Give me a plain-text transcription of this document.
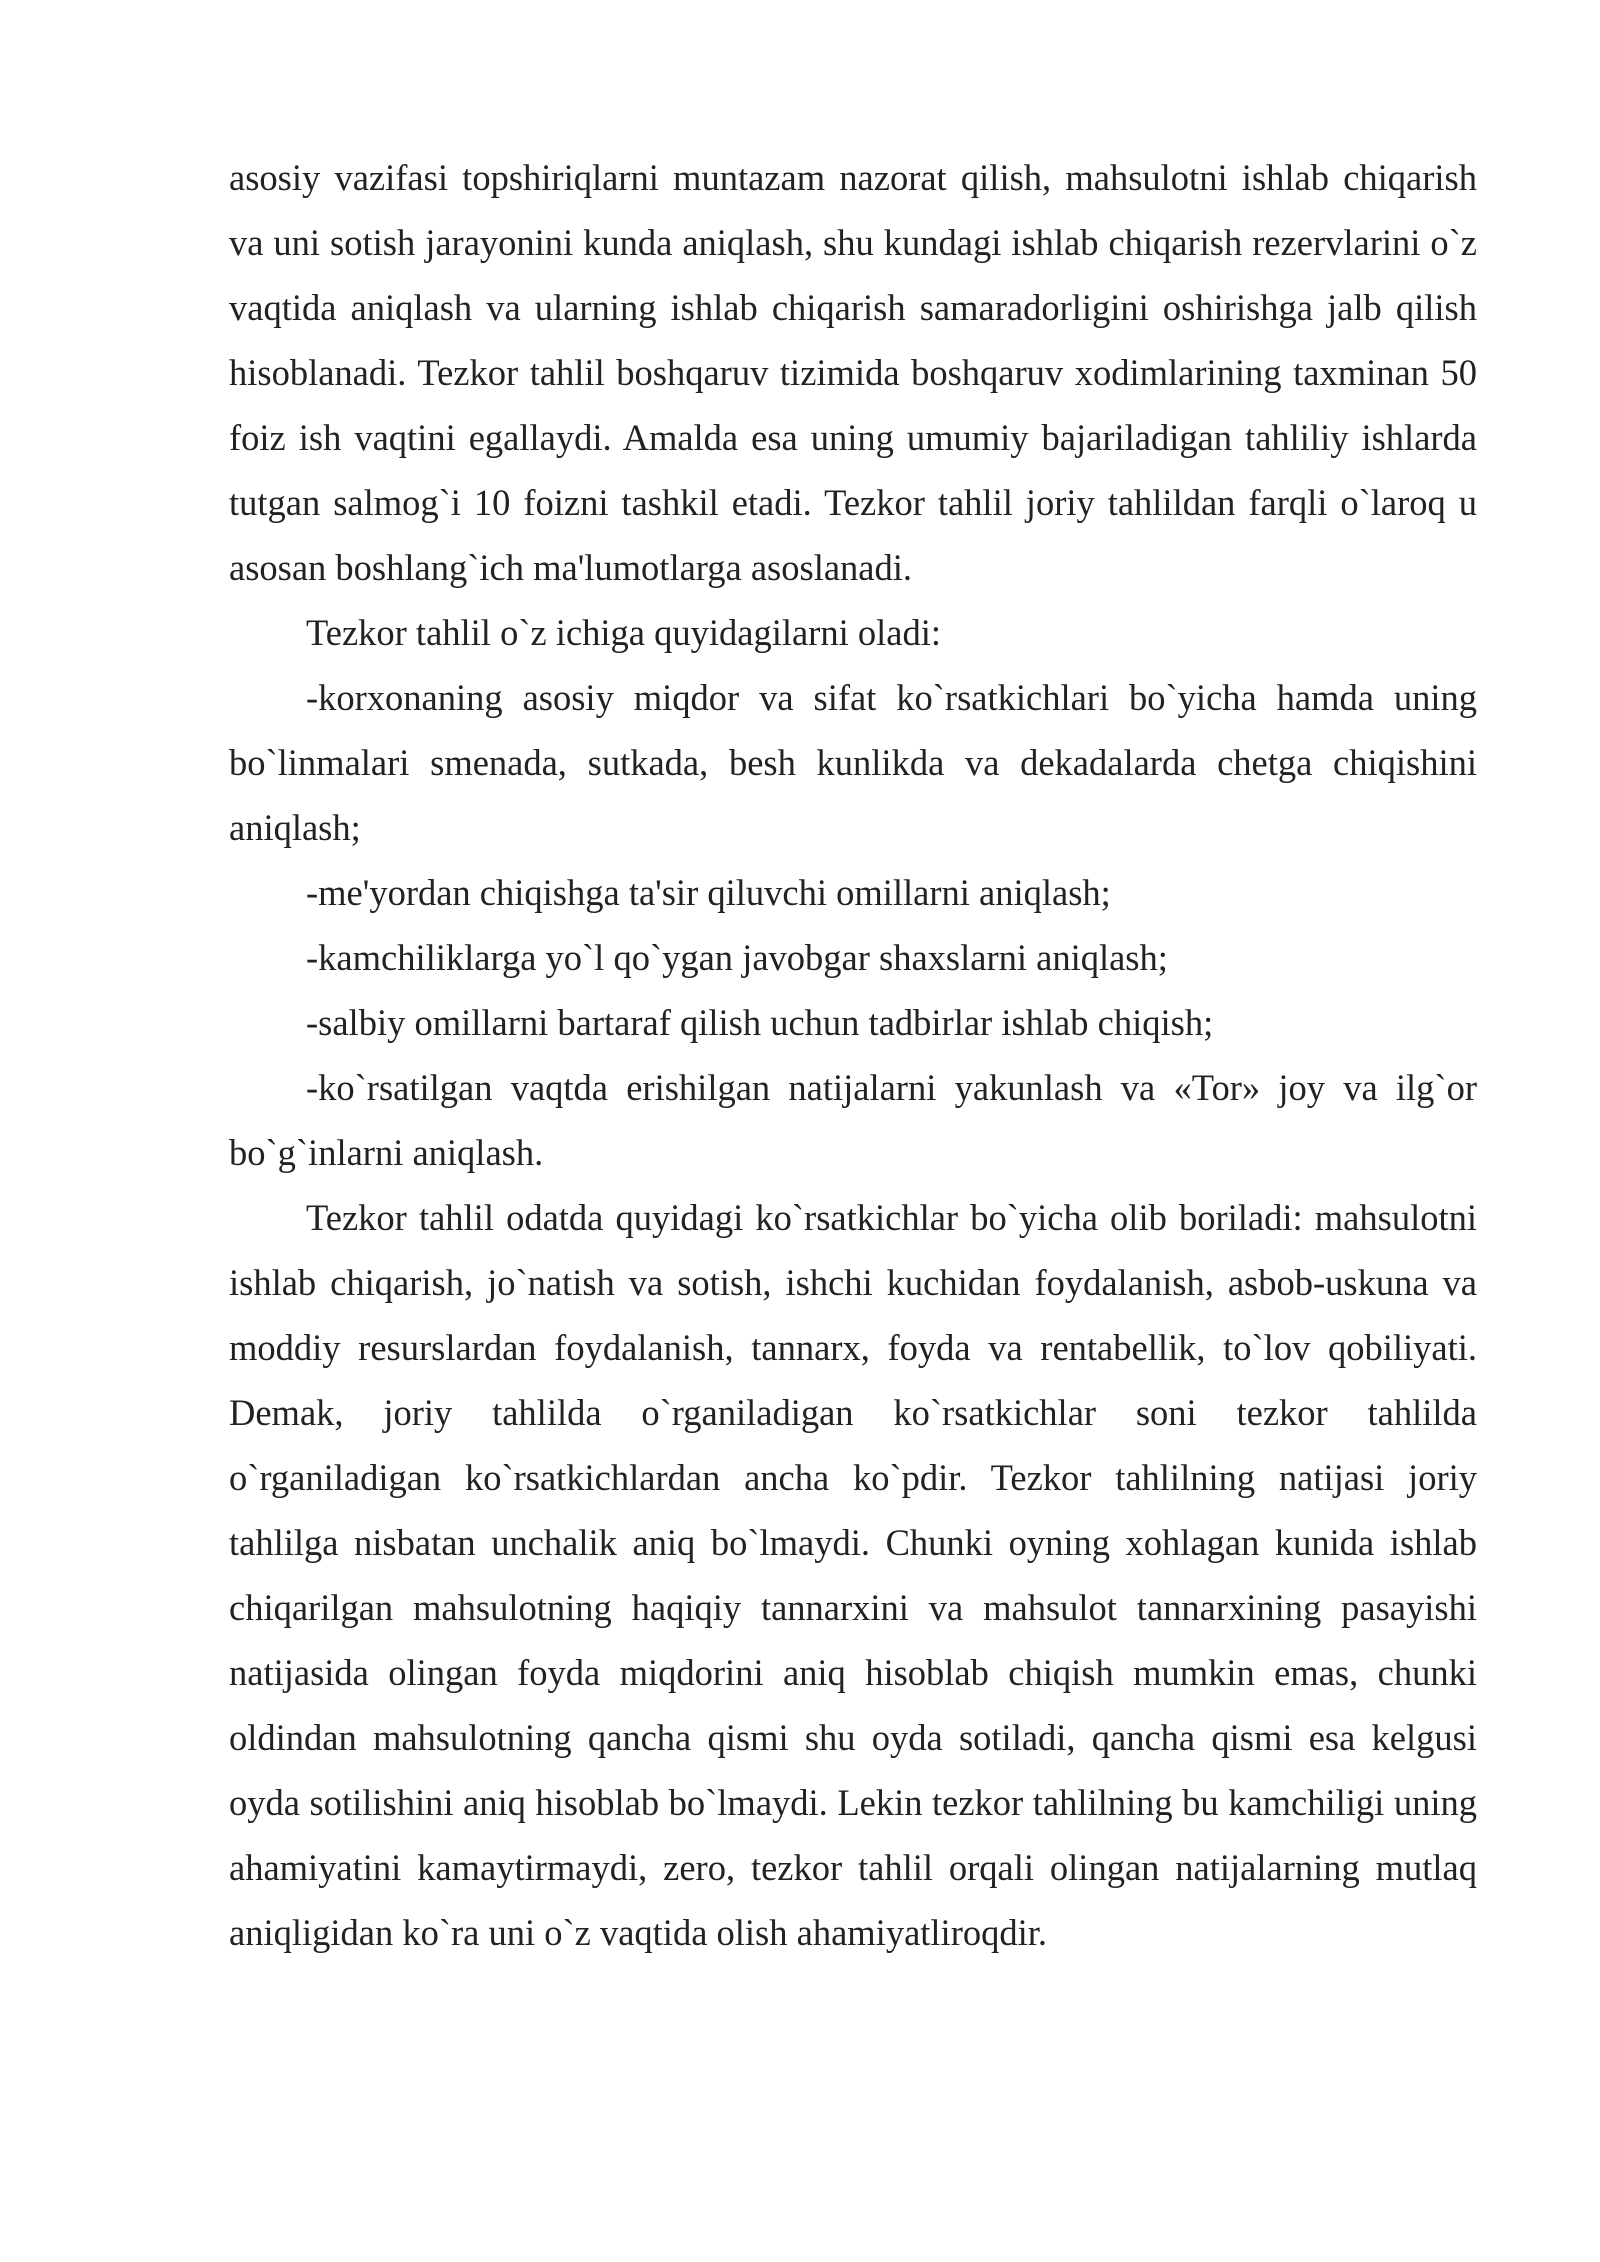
asosiy vazifasi topshiriqlarni muntazam nazorat qilish, mahsulotni ishlab chiqarish va uni sotish jarayonini kunda aniqlash, shu kundagi ishlab chiqarish rezervlarini o`z vaqtida aniqlash va ularning ishlab chiqarish samaradorligini oshirishga jalb qilish hisoblanadi. Tezkor tahlil boshqaruv tizimida boshqaruv xodimlarining taxminan 50 foiz ish vaqtini egallaydi. Amalda esa uning umumiy bajariladigan tahliliy ishlarda tutgan salmog`i 10 foizni tashkil etadi. Tezkor tahlil joriy tahlildan farqli o`laroq u asosan boshlang`ich ma'lumotlarga asoslanadi.

Tezkor tahlil o`z ichiga quyidagilarni oladi:

-korxonaning asosiy miqdor va sifat ko`rsatkichlari bo`yicha hamda uning bo`linmalari smenada, sutkada, besh kunlikda va dekadalarda chetga chiqishini aniqlash;

-me'yordan chiqishga ta'sir qiluvchi omillarni aniqlash;

-kamchiliklarga yo`l qo`ygan javobgar shaxslarni aniqlash;

-salbiy omillarni bartaraf qilish uchun tadbirlar ishlab chiqish;

-ko`rsatilgan vaqtda erishilgan natijalarni yakunlash va «Tor» joy va ilg`or bo`g`inlarni aniqlash.

Tezkor tahlil odatda quyidagi ko`rsatkichlar bo`yicha olib boriladi: mahsulotni ishlab chiqarish, jo`natish va sotish, ishchi kuchidan foydalanish, asbob-uskuna va moddiy resurslardan foydalanish, tannarx, foyda va rentabellik, to`lov qobiliyati. Demak, joriy tahlilda o`rganiladigan ko`rsatkichlar soni tezkor tahlilda o`rganiladigan ko`rsatkichlardan ancha ko`pdir. Tezkor tahlilning natijasi joriy tahlilga nisbatan unchalik aniq bo`lmaydi. Chunki oyning xohlagan kunida ishlab chiqarilgan mahsulotning haqiqiy tannarxini va mahsulot tannarxining pasayishi natijasida olingan foyda miqdorini aniq hisoblab chiqish mumkin emas, chunki oldindan mahsulotning qancha qismi shu oyda sotiladi, qancha qismi esa kelgusi oyda sotilishini aniq hisoblab bo`lmaydi. Lekin tezkor tahlilning bu kamchiligi uning ahamiyatini kamaytirmaydi, zero, tezkor tahlil orqali olingan natijalarning mutlaq aniqligidan ko`ra uni o`z vaqtida olish ahamiyatliroqdir.
